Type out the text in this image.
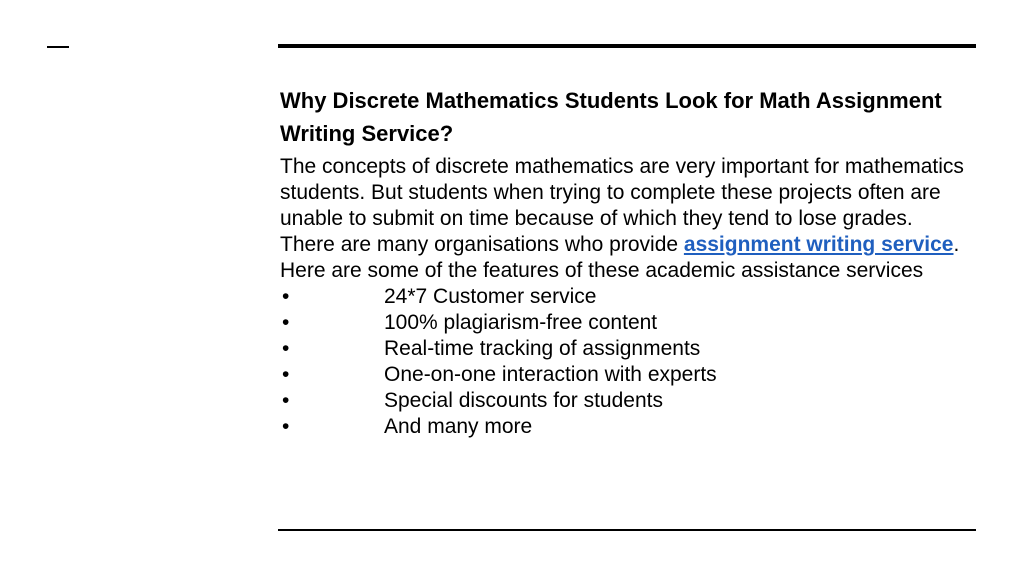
Why Discrete Mathematics Students Look for Math Assignment Writing Service?
The concepts of discrete mathematics are very important for mathematics students. But students when trying to complete these projects often are unable to submit on time because of which they tend to lose grades. There are many organisations who provide assignment writing service.
Here are some of the features of these academic assistance services
•	24*7 Customer service
•	100% plagiarism-free content
•	Real-time tracking of assignments
•	One-on-one interaction with experts
•	Special discounts for students
•	And many more
